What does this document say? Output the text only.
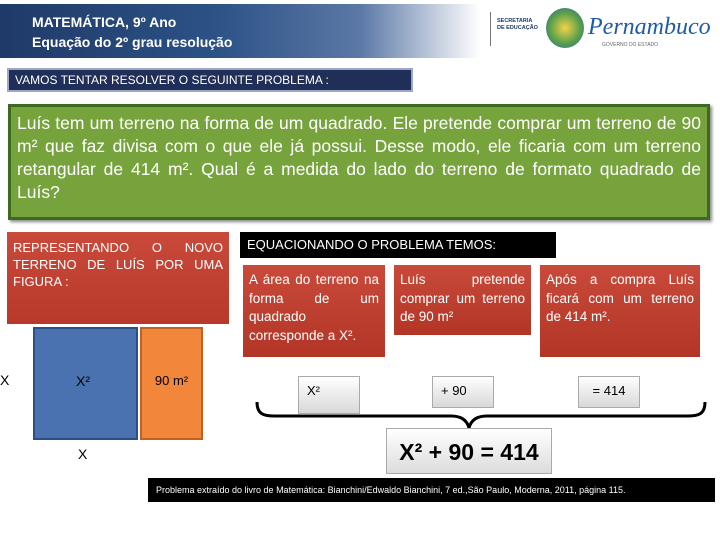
MATEMÁTICA, 9º Ano
Equação do 2º grau resolução
SECRETARIA DE EDUCAÇÃO Pernambuco
GOVERNO DO ESTADO
VAMOS TENTAR RESOLVER O SEGUINTE PROBLEMA :
Luís tem um terreno na forma de um quadrado. Ele pretende comprar um terreno de 90 m² que faz divisa com o que ele já possui. Desse modo, ele ficaria com um terreno retangular de 414 m². Qual é a medida do lado do terreno de formato quadrado de Luís?
REPRESENTANDO O NOVO TERRENO DE LUÍS POR UMA FIGURA :
X	X²	90 m²
X
EQUACIONANDO O PROBLEMA TEMOS:
A área do terreno na forma de um quadrado corresponde a X².
Luís pretende comprar um terreno de 90 m²
Após a compra Luís ficará com um terreno de 414 m².
X²	+ 90	= 414
X² + 90 = 414
Problema extraído do livro de Matemática: Bianchini/Edwaldo Bianchini, 7 ed.,São Paulo, Moderna, 2011, página 115.
